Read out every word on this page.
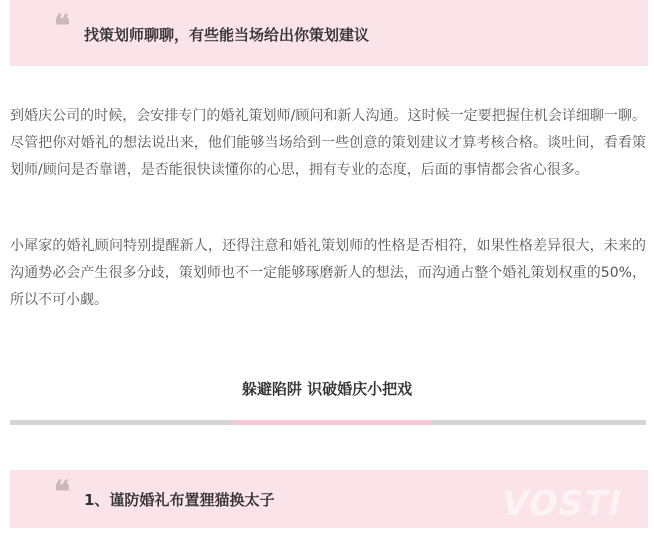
❝ 找策划师聊聊，有些能当场给出你策划建议

到婚庆公司的时候，会安排专门的婚礼策划师/顾问和新人沟通。这时候一定要把握住机会详细聊一聊。尽管把你对婚礼的想法说出来，他们能够当场给到一些创意的策划建议才算考核合格。谈吐间，看看策划师/顾问是否靠谱，是否能很快读懂你的心思，拥有专业的态度，后面的事情都会省心很多。

小犀家的婚礼顾问特别提醒新人，还得注意和婚礼策划师的性格是否相符，如果性格差异很大，未来的沟通势必会产生很多分歧，策划师也不一定能够琢磨新人的想法，而沟通占整个婚礼策划权重的50%，所以不可小觑。

躲避陷阱 识破婚庆小把戏
❝ 1、谨防婚礼布置狸猫换太子	VOSTI
